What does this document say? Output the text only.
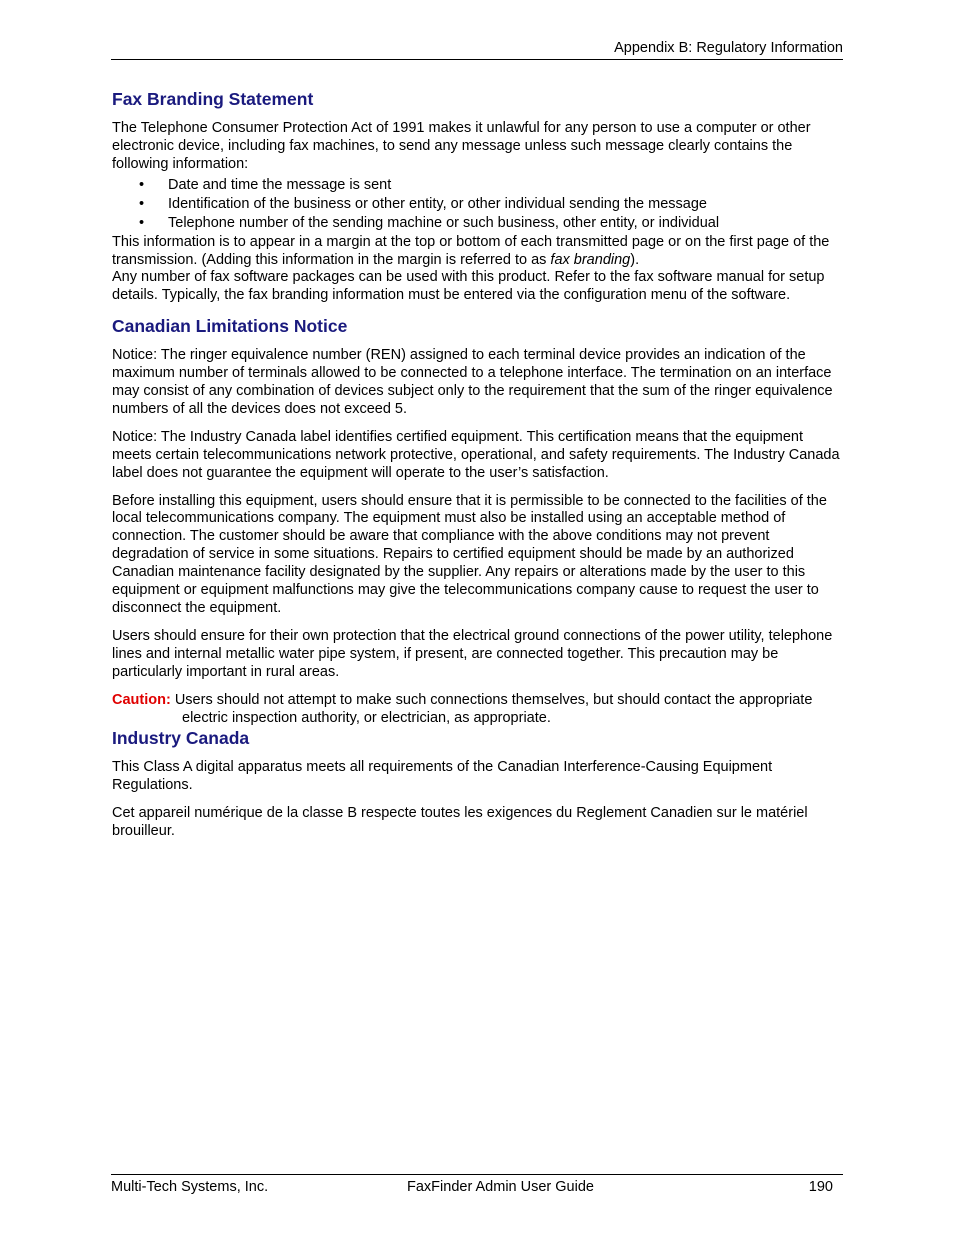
Appendix B: Regulatory Information
Fax Branding Statement

The Telephone Consumer Protection Act of 1991 makes it unlawful for any person to use a computer or other electronic device, including fax machines, to send any message unless such message clearly contains the following information:

• Date and time the message is sent
• Identification of the business or other entity, or other individual sending the message
• Telephone number of the sending machine or such business, other entity, or individual

This information is to appear in a margin at the top or bottom of each transmitted page or on the first page of the transmission. (Adding this information in the margin is referred to as fax branding).

Any number of fax software packages can be used with this product. Refer to the fax software manual for setup details. Typically, the fax branding information must be entered via the configuration menu of the software.

Canadian Limitations Notice

Notice: The ringer equivalence number (REN) assigned to each terminal device provides an indication of the maximum number of terminals allowed to be connected to a telephone interface. The termination on an interface may consist of any combination of devices subject only to the requirement that the sum of the ringer equivalence numbers of all the devices does not exceed 5.

Notice: The Industry Canada label identifies certified equipment. This certification means that the equipment meets certain telecommunications network protective, operational, and safety requirements. The Industry Canada label does not guarantee the equipment will operate to the user’s satisfaction.

Before installing this equipment, users should ensure that it is permissible to be connected to the facilities of the local telecommunications company. The equipment must also be installed using an acceptable method of connection. The customer should be aware that compliance with the above conditions may not prevent degradation of service in some situations. Repairs to certified equipment should be made by an authorized Canadian maintenance facility designated by the supplier. Any repairs or alterations made by the user to this equipment or equipment malfunctions may give the telecommunications company cause to request the user to disconnect the equipment.

Users should ensure for their own protection that the electrical ground connections of the power utility, telephone lines and internal metallic water pipe system, if present, are connected together. This precaution may be particularly important in rural areas.

Caution: Users should not attempt to make such connections themselves, but should contact the appropriate electric inspection authority, or electrician, as appropriate.

Industry Canada

This Class A digital apparatus meets all requirements of the Canadian Interference-Causing Equipment Regulations.

Cet appareil numérique de la classe B respecte toutes les exigences du Reglement Canadien sur le matériel brouilleur.

Multi-Tech Systems, Inc.	FaxFinder Admin User Guide	190
